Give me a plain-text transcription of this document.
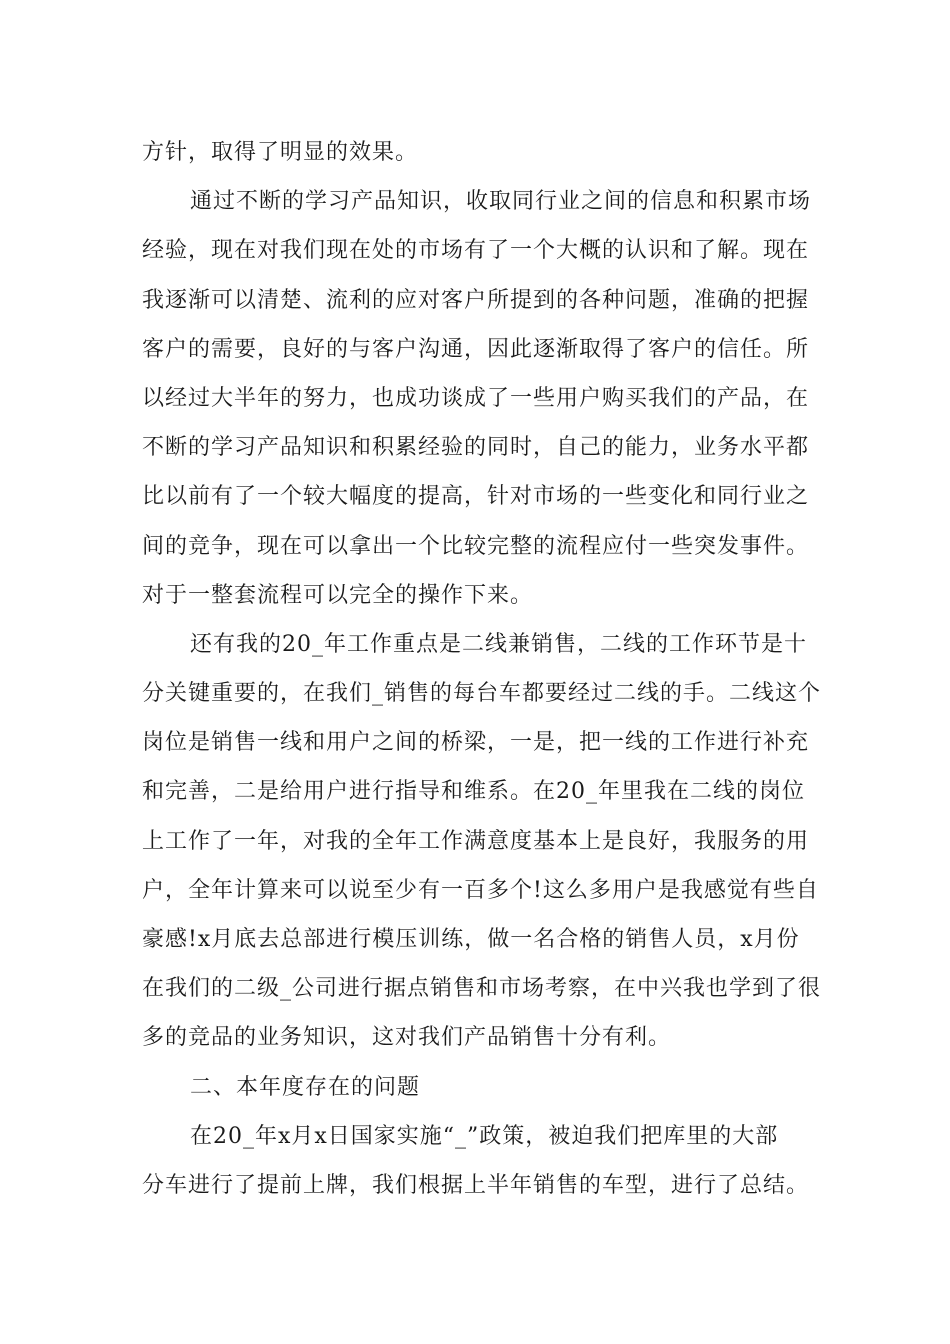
方针，取得了明显的效果。
通过不断的学习产品知识，收取同行业之间的信息和积累市场
经验，现在对我们现在处的市场有了一个大概的认识和了解。现在
我逐渐可以清楚、流利的应对客户所提到的各种问题，准确的把握
客户的需要，良好的与客户沟通，因此逐渐取得了客户的信任。所
以经过大半年的努力，也成功谈成了一些用户购买我们的产品，在
不断的学习产品知识和积累经验的同时，自己的能力，业务水平都
比以前有了一个较大幅度的提高，针对市场的一些变化和同行业之
间的竞争，现在可以拿出一个比较完整的流程应付一些突发事件。
对于一整套流程可以完全的操作下来。
还有我的20_年工作重点是二线兼销售，二线的工作环节是十
分关键重要的，在我们_销售的每台车都要经过二线的手。二线这个
岗位是销售一线和用户之间的桥梁，一是，把一线的工作进行补充
和完善，二是给用户进行指导和维系。在20_年里我在二线的岗位
上工作了一年，对我的全年工作满意度基本上是良好，我服务的用
户，全年计算来可以说至少有一百多个!这么多用户是我感觉有些自
豪感!x月底去总部进行模压训练，做一名合格的销售人员，x月份
在我们的二级_公司进行据点销售和市场考察，在中兴我也学到了很
多的竞品的业务知识，这对我们产品销售十分有利。
二、本年度存在的问题
在20_年x月x日国家实施“_”政策，被迫我们把库里的大部
分车进行了提前上牌，我们根据上半年销售的车型，进行了总结。
